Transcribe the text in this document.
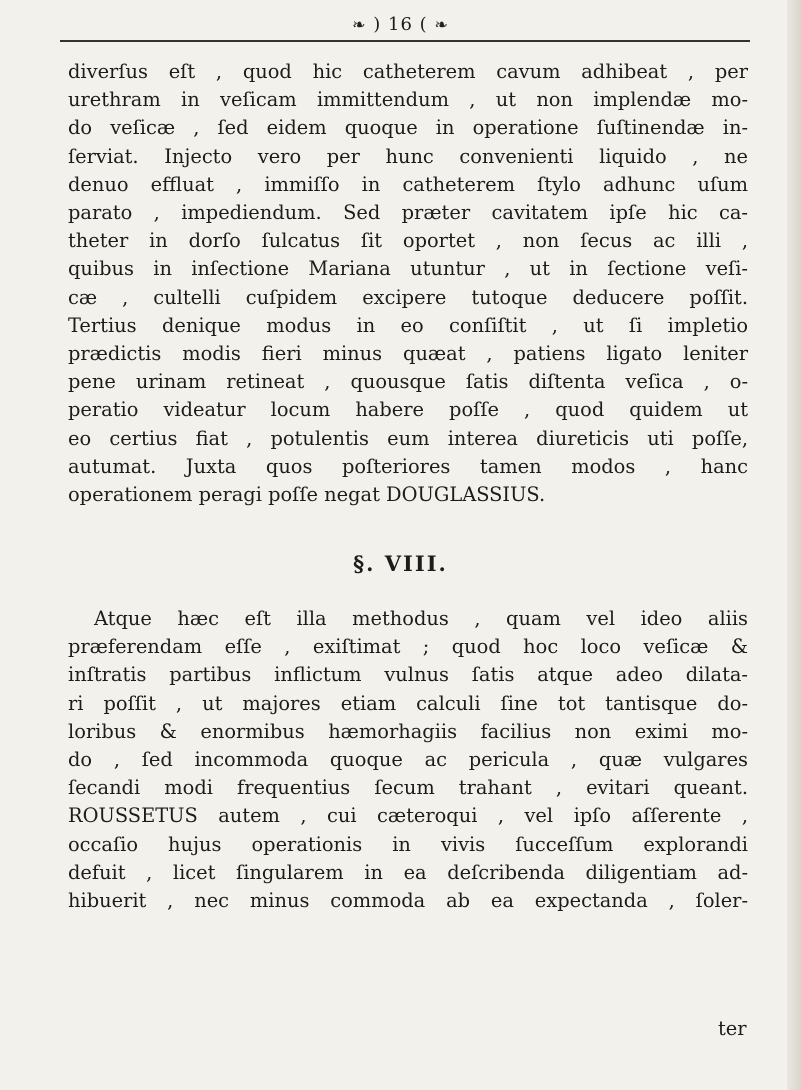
❧ ) 16 ( ❧

diverſus eſt , quod hic catheterem cavum adhibeat , per
urethram in veſicam immittendum , ut non implendæ mo-
do veſicæ , ſed eidem quoque in operatione ſuſtinendæ in-
ſerviat. Injecto vero per hunc convenienti liquido , ne
denuo effluat , immiſſo in catheterem ſtylo adhunc uſum
parato , impediendum. Sed præter cavitatem ipſe hic ca-
theter in dorſo ſulcatus ſit oportet , non ſecus ac illi ,
quibus in inſectione Mariana utuntur , ut in ſectione veſi-
cæ , cultelli cuſpidem excipere tutoque deducere poſſit.
Tertius denique modus in eo conſiſtit , ut ſi impletio
prædictis modis fieri minus quæat , patiens ligato leniter
pene urinam retineat , quousque ſatis diſtenta veſica , o-
peratio videatur locum habere poſſe , quod quidem ut
eo certius fiat , potulentis eum interea diureticis uti poſſe,
autumat. Juxta quos poſteriores tamen modos , hanc
operationem peragi poſſe negat DOUGLASSIUS.

§. VIII.

Atque hæc eſt illa methodus , quam vel ideo aliis
præferendam eſſe , exiſtimat ; quod hoc loco veſicæ &
inſtratis partibus inflictum vulnus ſatis atque adeo dilata-
ri poſſit , ut majores etiam calculi ſine tot tantisque do-
loribus & enormibus hæmorhagiis facilius non eximi mo-
do , ſed incommoda quoque ac pericula , quæ vulgares
ſecandi modi frequentius ſecum trahant , evitari queant.
ROUSSETUS autem , cui cæteroqui , vel ipſo aſſerente ,
occaſio hujus operationis in vivis ſucceſſum explorandi
defuit , licet ſingularem in ea deſcribenda diligentiam ad-
hibuerit , nec minus commoda ab ea expectanda , ſoler-

ter
